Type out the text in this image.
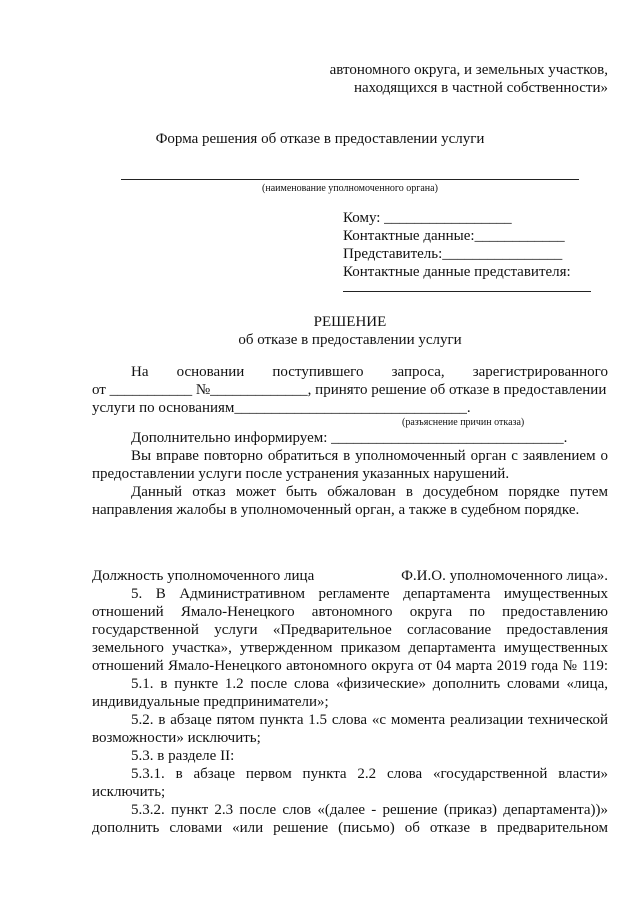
автономного округа, и земельных участков,
находящихся в частной собственности»
Форма решения об отказе в предоставлении услуги
(наименование уполномоченного органа)
Кому: _________________
Контактные данные:____________
Представитель:________________
Контактные данные представителя:
РЕШЕНИЕ
об отказе в предоставлении услуги
На основании поступившего запроса, зарегистрированного
от ___________ №_____________, принято решение об отказе в предоставлении
услуги по основаниям_______________________________.
(разъяснение причин отказа)
Дополнительно информируем: _______________________________.
Вы вправе повторно обратиться в уполномоченный орган с заявлением о
предоставлении услуги после устранения указанных нарушений.
Данный отказ может быть обжалован в досудебном порядке путем
направления жалобы в уполномоченный орган, а также в судебном порядке.
Должность уполномоченного лица	Ф.И.О. уполномоченного лица».
5. В Административном регламенте департамента имущественных
отношений Ямало-Ненецкого автономного округа по предоставлению
государственной услуги «Предварительное согласование предоставления
земельного участка», утвержденном приказом департамента имущественных
отношений Ямало-Ненецкого автономного округа от 04 марта 2019 года № 119:
5.1. в пункте 1.2 после слова «физические» дополнить словами «лица,
индивидуальные предприниматели»;
5.2. в абзаце пятом пункта 1.5 слова «с момента реализации технической
возможности» исключить;
5.3. в разделе II:
5.3.1. в абзаце первом пункта 2.2 слова «государственной власти»
исключить;
5.3.2. пункт 2.3 после слов «(далее - решение (приказ) департамента))»
дополнить словами «или решение (письмо) об отказе в предварительном
